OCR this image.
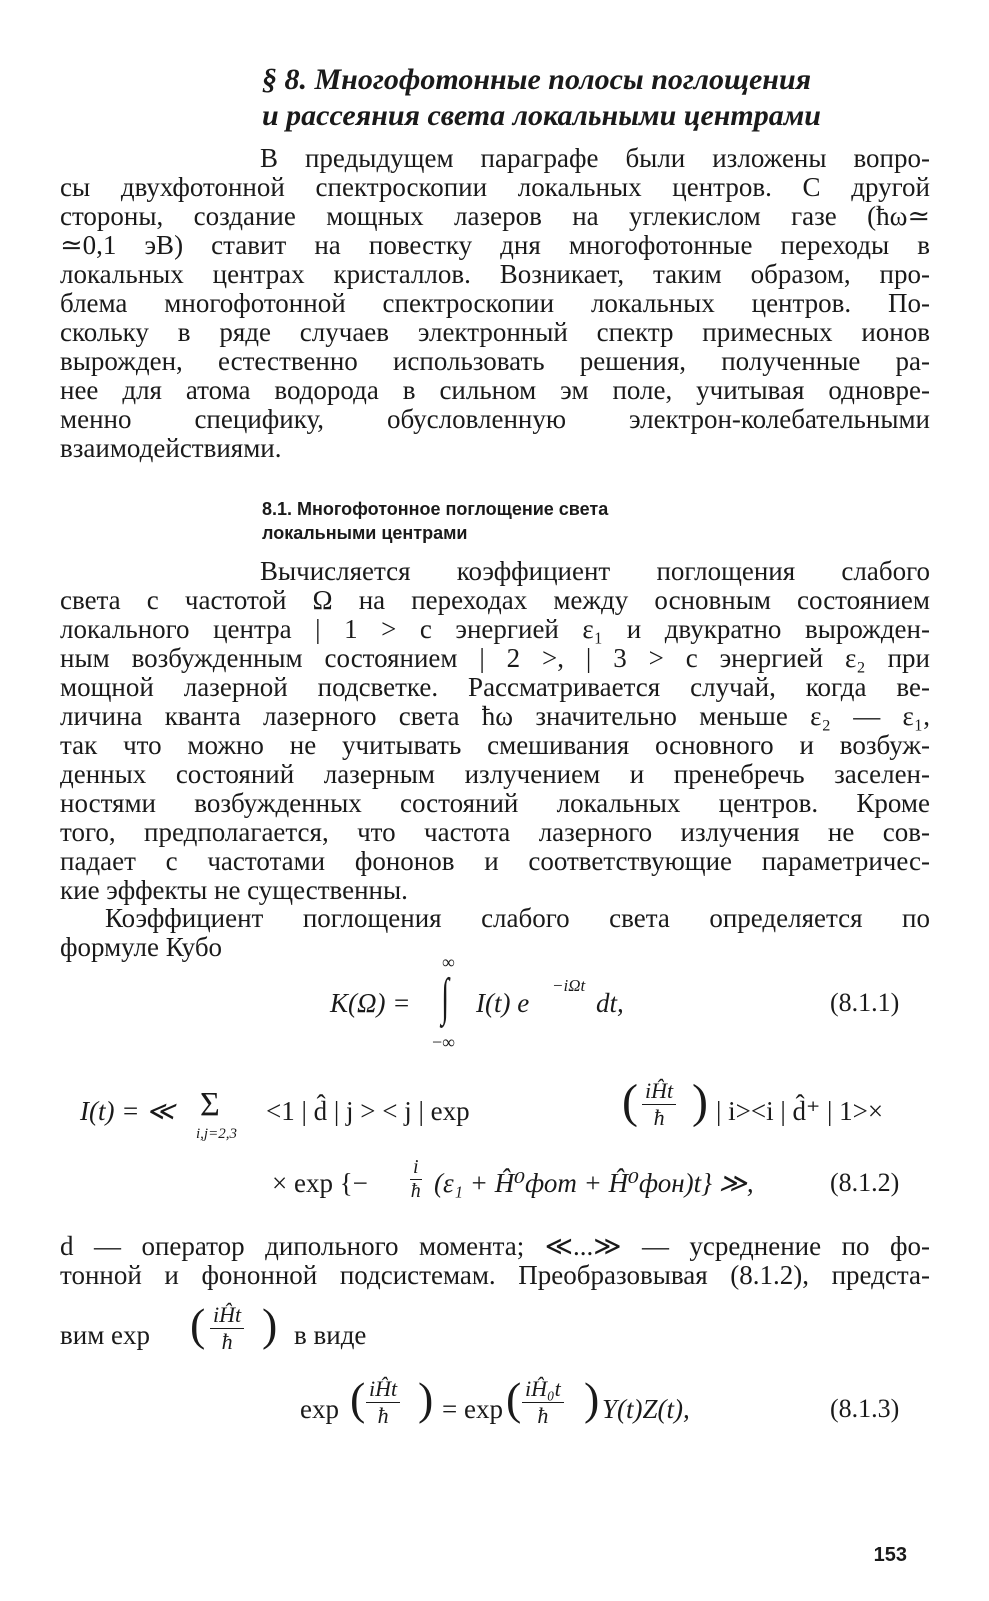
§ 8. Многофотонные полосы поглощения
и рассеяния света локальными центрами
В предыдущем параграфе были изложены вопро-
сы двухфотонной спектроскопии локальных центров. С другой
стороны, создание мощных лазеров на углекислом газе (ħω≃
≃0,1 эВ) ставит на повестку дня многофотонные переходы в
локальных центрах кристаллов. Возникает, таким образом, про-
блема многофотонной спектроскопии локальных центров. По-
скольку в ряде случаев электронный спектр примесных ионов
вырожден, естественно использовать решения, полученные ра-
нее для атома водорода в сильном эм поле, учитывая одновре-
менно специфику, обусловленную электрон-колебательными
взаимодействиями.
8.1. Многофотонное поглощение света
локальными центрами
Вычисляется коэффициент поглощения слабого
света с частотой Ω на переходах между основным состоянием
локального центра | 1 > с энергией ε₁ и двукратно вырожден-
ным возбужденным состоянием | 2 >, | 3 > с энергией ε₂ при
мощной лазерной подсветке. Рассматривается случай, когда ве-
личина кванта лазерного света ħω значительно меньше ε₂ — ε₁,
так что можно не учитывать смешивания основного и возбуж-
денных состояний лазерным излучением и пренебречь заселен-
ностями возбужденных состояний локальных центров. Кроме
того, предполагается, что частота лазерного излучения не сов-
падает с частотами фононов и соответствующие параметричес-
кие эффекты не существенны.
Коэффициент поглощения слабого света определяется по
формуле Кубо	∞
K(Ω) = ∫
−∞
I(t) e
−iΩt
dt,	(8.1.1)
I(t) = ≪ Σ
i,j=2,3
<1 | d̂ | j > < j | exp	( iĤt
ħ ) | i><i | d̂⁺ | 1>×
× exp {− $\frac{i}{ħ} (\varepsilon_1$ + Ĥ⁰фот + Ĥ⁰фон)t} ≫,	(8.1.2)
d — оператор дипольного момента; ≪...≫ — усреднение по фо-
тонной и фононной подсистемам. Преобразовывая (8.1.2), предста-
вим exp ( iĤt
ħ ) в виде
exp ( iĤt
ħ ) = exp ( $\frac{\text{iĤ₀t}}{ħ}$ ) Y(t)Z(t),	(8.1.3)
153
